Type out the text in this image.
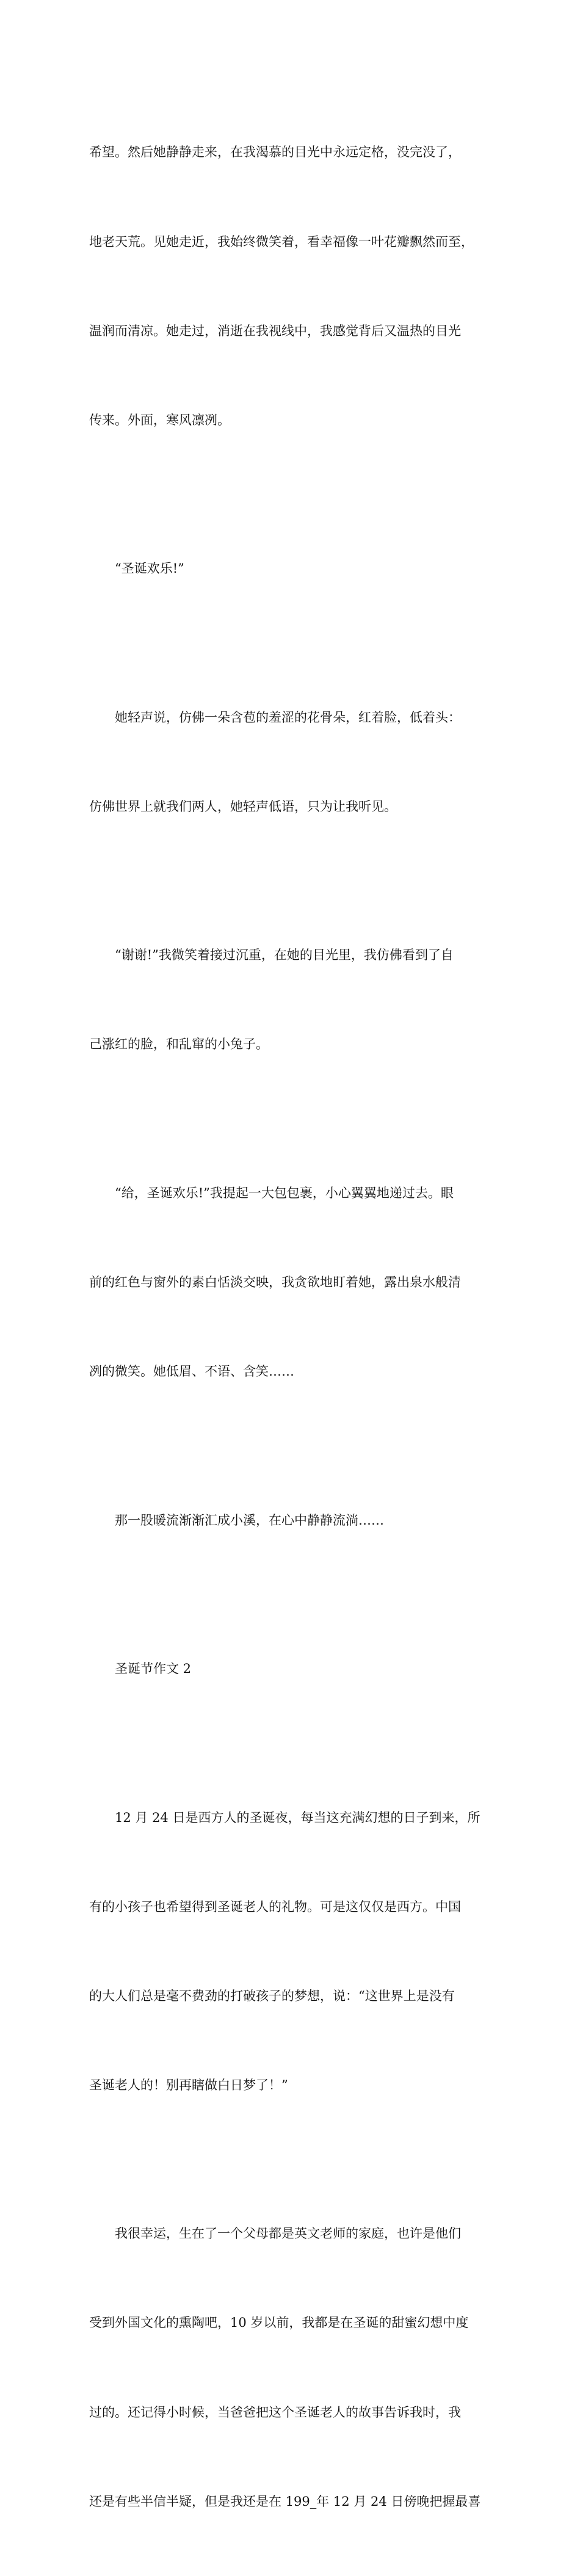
希望。然后她静静走来，在我渴慕的目光中永远定格，没完没了，

地老天荒。见她走近，我始终微笑着，看幸福像一叶花瓣飘然而至，

温润而清凉。她走过，消逝在我视线中，我感觉背后又温热的目光

传来。外面，寒风凛冽。

　　“圣诞欢乐!”

　　她轻声说，仿佛一朵含苞的羞涩的花骨朵，红着脸，低着头：

仿佛世界上就我们两人，她轻声低语，只为让我听见。

　　“谢谢!”我微笑着接过沉重，在她的目光里，我仿佛看到了自

己涨红的脸，和乱窜的小兔子。

　　“给，圣诞欢乐!”我提起一大包包裹，小心翼翼地递过去。眼

前的红色与窗外的素白恬淡交映，我贪欲地盯着她，露出泉水般清

冽的微笑。她低眉、不语、含笑……

　　那一股暖流渐渐汇成小溪，在心中静静流淌……

　　圣诞节作文 2

　　12 月 24 日是西方人的圣诞夜，每当这充满幻想的日子到来，所

有的小孩子也希望得到圣诞老人的礼物。可是这仅仅是西方。中国

的大人们总是毫不费劲的打破孩子的梦想，说：“这世界上是没有

圣诞老人的！别再瞎做白日梦了！”

　　我很幸运，生在了一个父母都是英文老师的家庭，也许是他们

受到外国文化的熏陶吧，10 岁以前，我都是在圣诞的甜蜜幻想中度

过的。还记得小时候，当爸爸把这个圣诞老人的故事告诉我时，我

还是有些半信半疑，但是我还是在 199_年 12 月 24 日傍晚把握最喜
